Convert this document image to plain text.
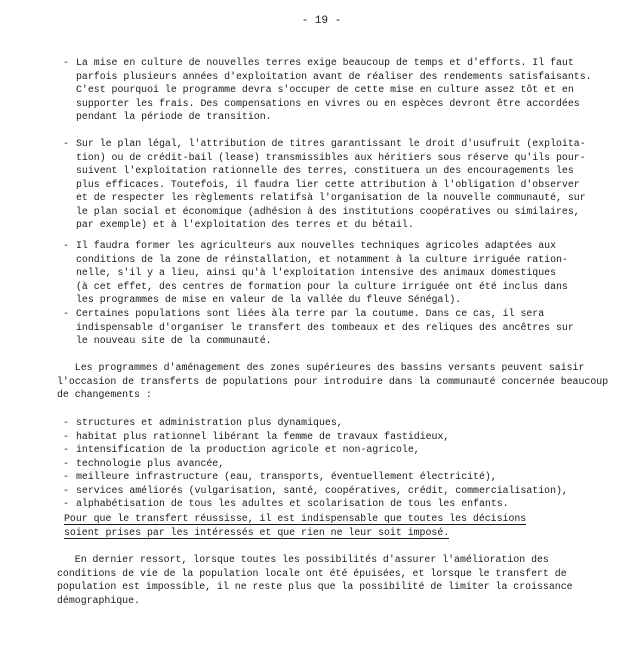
- 19 -
- La mise en culture de nouvelles terres exige beaucoup de temps et d'efforts. Il faut
parfois plusieurs années d'exploitation avant de réaliser des rendements satisfaisants.
C'est pourquoi le programme devra s'occuper de cette mise en culture assez tôt et en
supporter les frais. Des compensations en vivres ou en espèces devront être accordées
pendant la période de transition.
- Sur le plan légal, l'attribution de titres garantissant le droit d'usufruit (exploita-
tion) ou de crédit-bail (lease) transmissibles aux héritiers sous réserve qu'ils pour-
suivent l'exploitation rationnelle des terres, constituera un des encouragements les
plus efficaces. Toutefois, il faudra lier cette attribution à l'obligation d'observer
et de respecter les règlements relatifsà l'organisation de la nouvelle communauté, sur
le plan social et économique (adhésion à des institutions coopératives ou similaires,
par exemple) et à l'exploitation des terres et du bétail.
- Il faudra former les agriculteurs aux nouvelles techniques agricoles adaptées aux
conditions de la zone de réinstallation, et notamment à la culture irriguée ration-
nelle, s'il y a lieu, ainsi qu'à l'exploitation intensive des animaux domestiques
(à cet effet, des centres de formation pour la culture irriguée ont été inclus dans
les programmes de mise en valeur de la vallée du fleuve Sénégal).
- Certaines populations sont liées àla terre par la coutume. Dans ce cas, il sera
indispensable d'organiser le transfert des tombeaux et des reliques des ancêtres sur
le nouveau site de la communauté.
Les programmes d'aménagement des zones supérieures des bassins versants peuvent saisir
l'occasion de transferts de populations pour introduire dans la communauté concernée beaucoup
de changements :
- structures et administration plus dynamiques,
- habitat plus rationnel libérant la femme de travaux fastidieux,
- intensification de la production agricole et non-agricole,
- technologie plus avancée,
- meilleure infrastructure (eau, transports, éventuellement électricité),
- services améliorés (vulgarisation, santé, coopératives, crédit, commercialisation),
- alphabétisation de tous les adultes et scolarisation de tous les enfants.
Pour que le transfert réussisse, il est indispensable que toutes les décisions
soient prises par les intéressés et que rien ne leur soit imposé.
En dernier ressort, lorsque toutes les possibilités d'assurer l'amélioration des
conditions de vie de la population locale ont été épuisées, et lorsque le transfert de
population est impossible, il ne reste plus que la possibilité de limiter la croissance
démographique.
